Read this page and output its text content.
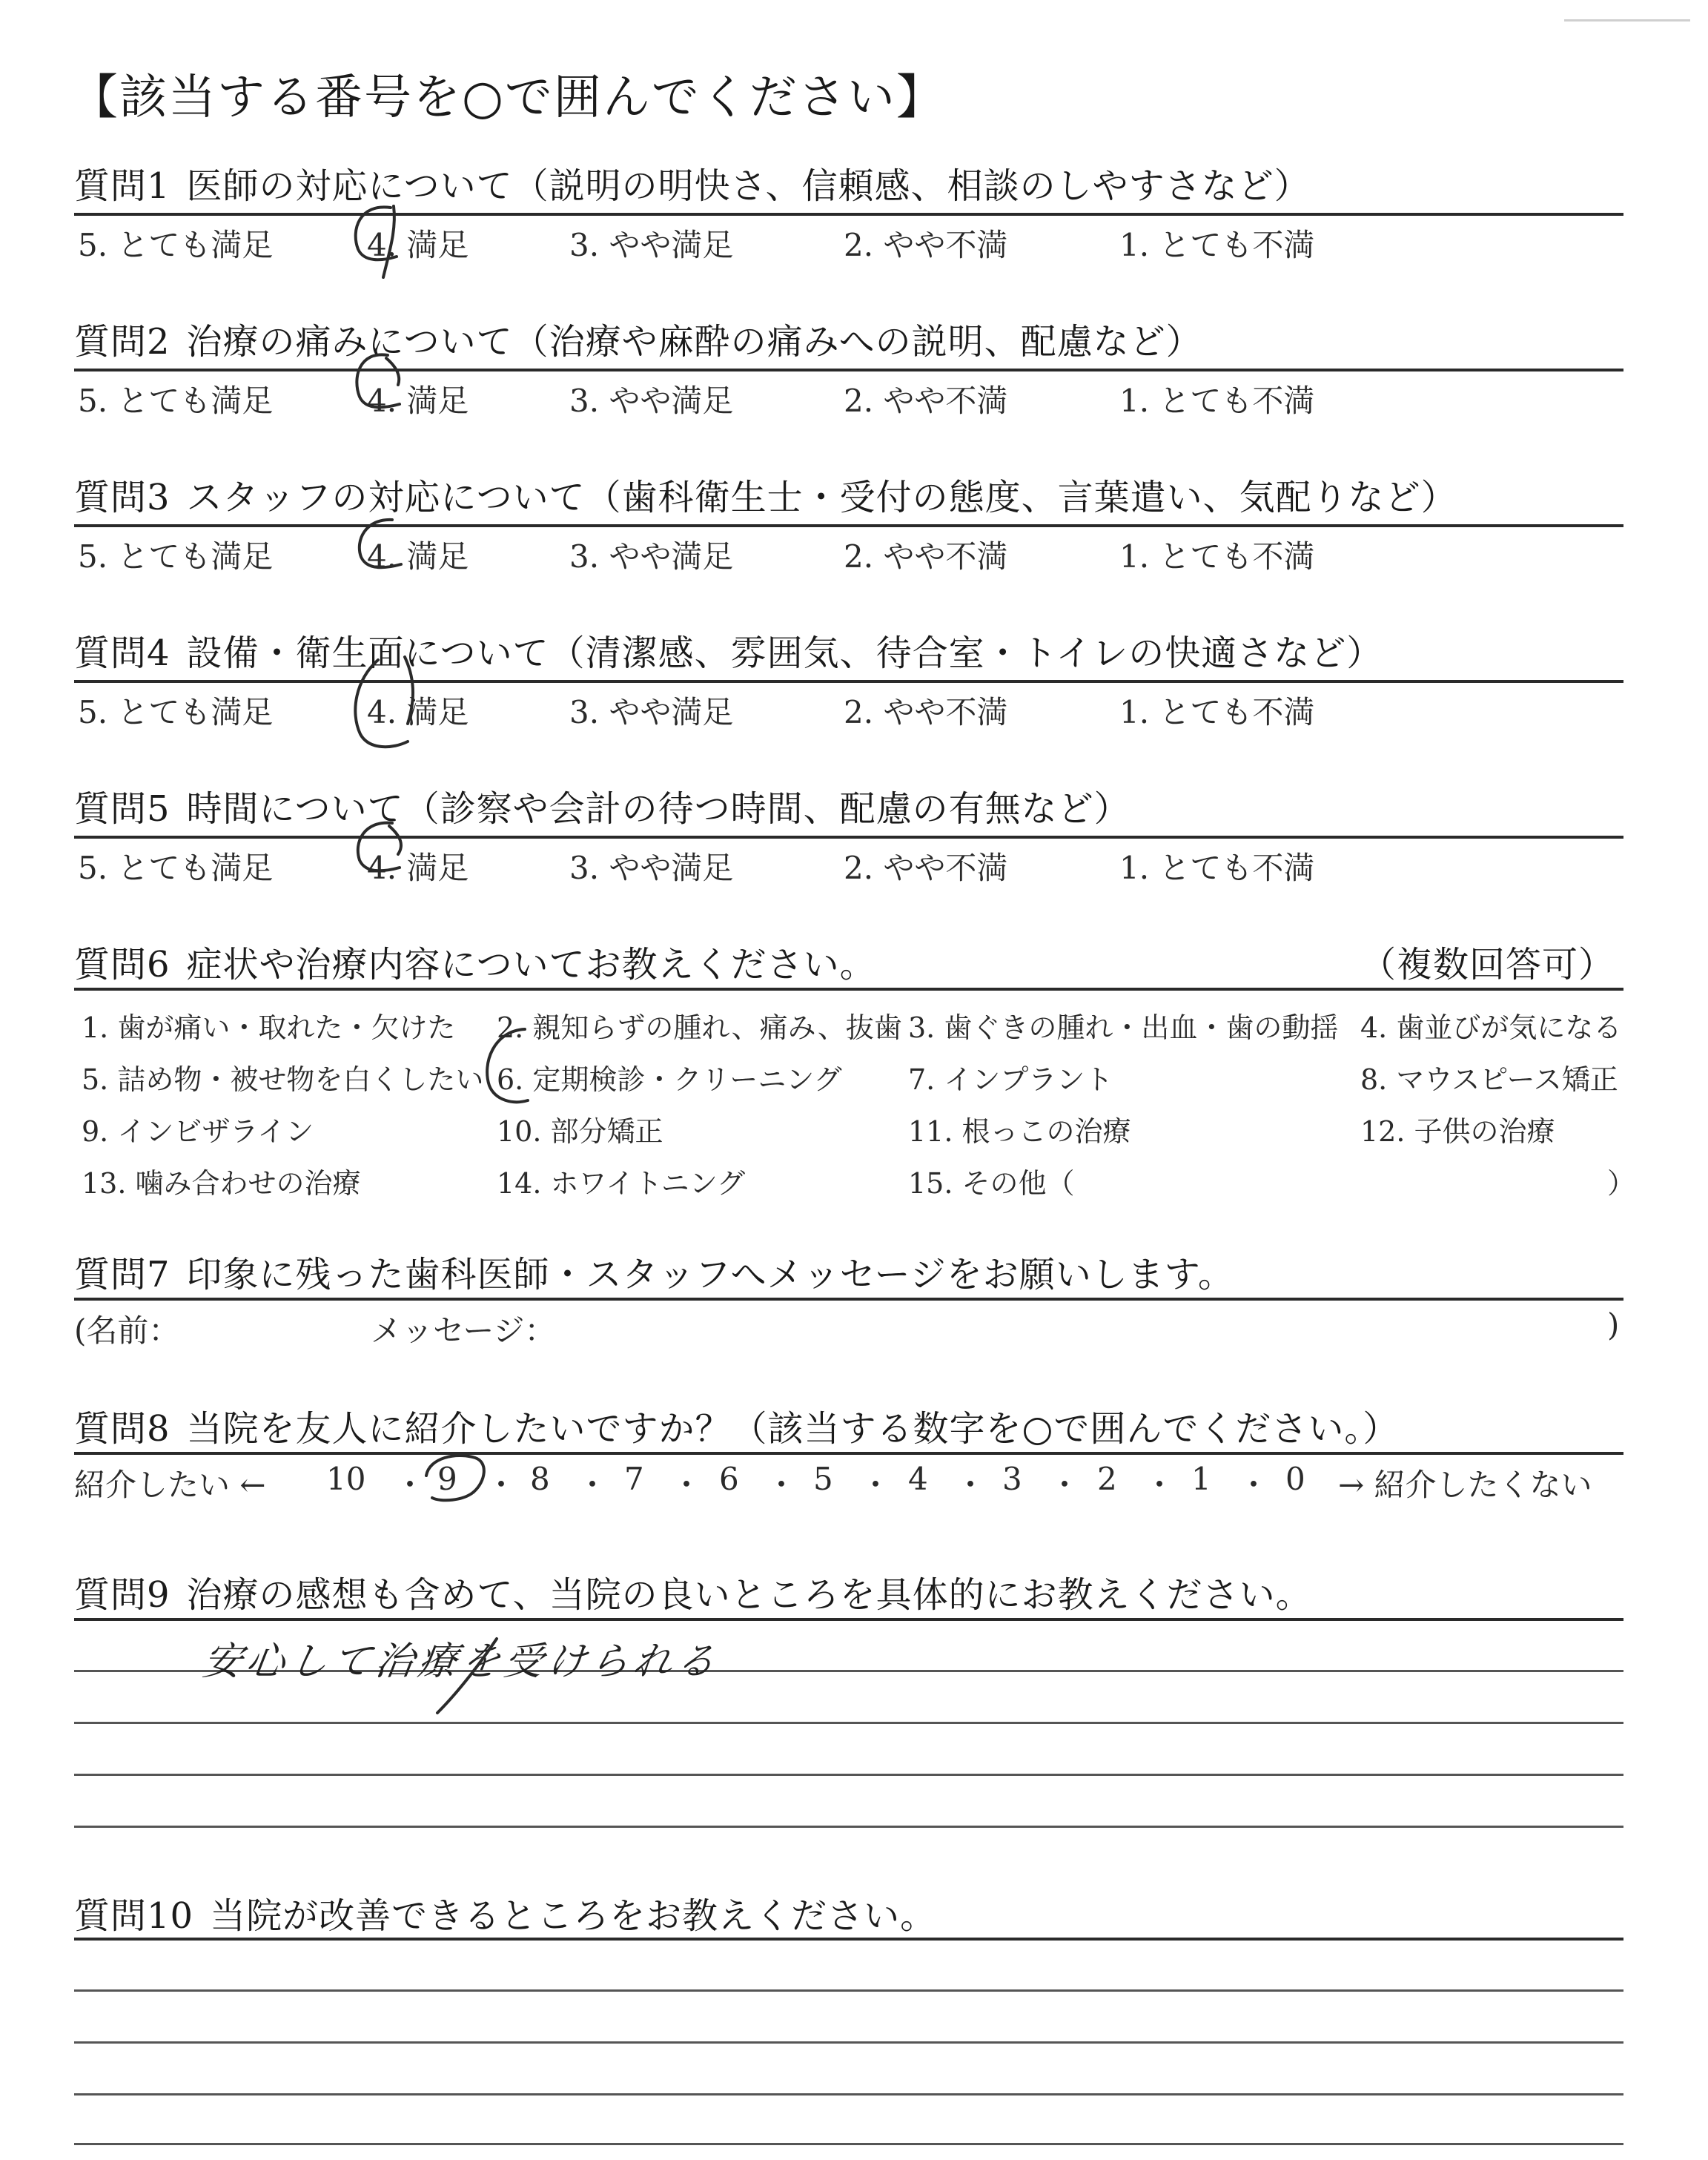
【該当する番号を○で囲んでください】
質問1 医師の対応について（説明の明快さ、信頼感、相談のしやすさなど）
5. とても満足	4. 満足	3. やや満足	2. やや不満	1. とても不満
質問2 治療の痛みについて（治療や麻酔の痛みへの説明、配慮など）
5. とても満足	4. 満足	3. やや満足	2. やや不満	1. とても不満
質問3 スタッフの対応について（歯科衛生士・受付の態度、言葉遣い、気配りなど）
5. とても満足	4. 満足	3. やや満足	2. やや不満	1. とても不満
質問4 設備・衛生面について（清潔感、雰囲気、待合室・トイレの快適さなど）
5. とても満足	4. 満足	3. やや満足	2. やや不満	1. とても不満
質問5 時間について（診察や会計の待つ時間、配慮の有無など）
5. とても満足	4. 満足	3. やや満足	2. やや不満	1. とても不満
質問6 症状や治療内容についてお教えください。	（複数回答可）
1. 歯が痛い・取れた・欠けた 2. 親知らずの腫れ、痛み、抜歯 3. 歯ぐきの腫れ・出血・歯の動揺 4. 歯並びが気になる
5. 詰め物・被せ物を白くしたい 6. 定期検診・クリーニング 7. インプラント	8. マウスピース矯正
9. インビザライン	10. 部分矯正	11. 根っこの治療	12. 子供の治療
13. 噛み合わせの治療	14. ホワイトニング	15. その他（	）
質問7 印象に残った歯科医師・スタッフへメッセージをお願いします。
(名前：	メッセージ：	)
質問8 当院を友人に紹介したいですか？（該当する数字を○で囲んでください。）
紹介したい ← 10 9 8 7 6 5 4 3 2 1 0 → 紹介したくない
・ ・ ・ ・ ・ ・ ・ ・ ・ ・
質問9 治療の感想も含めて、当院の良いところを具体的にお教えください。
安心して治療を受けられる
質問10 当院が改善できるところをお教えください。
